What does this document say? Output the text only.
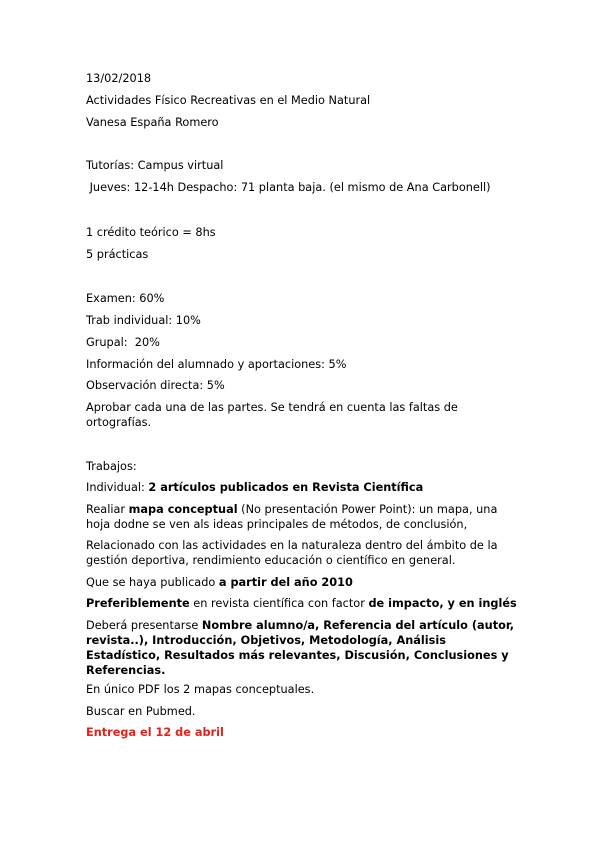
13/02/2018
Actividades Físico Recreativas en el Medio Natural
Vanesa España Romero
Tutorías: Campus virtual
Jueves: 12-14h Despacho: 71 planta baja. (el mismo de Ana Carbonell)
1 crédito teórico = 8hs
5 prácticas
Examen: 60%
Trab individual: 10%
Grupal:  20%
Información del alumnado y aportaciones: 5%
Observación directa: 5%
Aprobar cada una de las partes. Se tendrá en cuenta las faltas de ortografías.
Trabajos:
Individual: 2 artículos publicados en Revista Científica
Realiar mapa conceptual (No presentación Power Point): un mapa, una hoja dodne se ven als ideas principales de métodos, de conclusión,
Relacionado con las actividades en la naturaleza dentro del ámbito de la gestión deportiva, rendimiento educación o científico en general.
Que se haya publicado a partir del año 2010
Preferiblemente en revista científica con factor de impacto, y en inglés
Deberá presentarse Nombre alumno/a, Referencia del artículo (autor, revista..), Introducción, Objetivos, Metodología, Análisis Estadístico, Resultados más relevantes, Discusión, Conclusiones y Referencias.
En único PDF los 2 mapas conceptuales.
Buscar en Pubmed.
Entrega el 12 de abril
